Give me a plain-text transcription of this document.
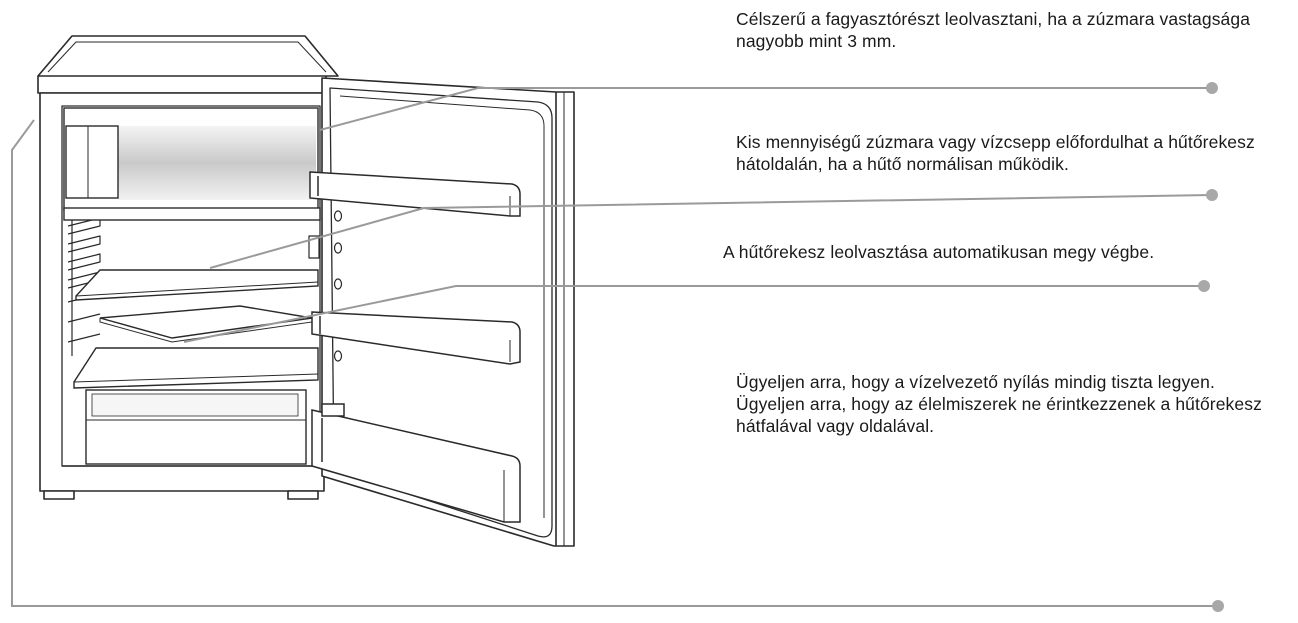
Célszerű a fagyasztórészt leolvasztani, ha a zúzmara vastagsága nagyobb mint 3 mm.

Kis mennyiségű zúzmara vagy vízcsepp előfordulhat a hűtőrekesz hátoldalán, ha a hűtő normálisan működik.

A hűtőrekesz leolvasztása automatikusan megy végbe.

Ügyeljen arra, hogy a vízelvezető nyílás mindig tiszta legyen. Ügyeljen arra, hogy az élelmiszerek ne érintkezzenek a hűtőrekesz hátfalával vagy oldalával.
